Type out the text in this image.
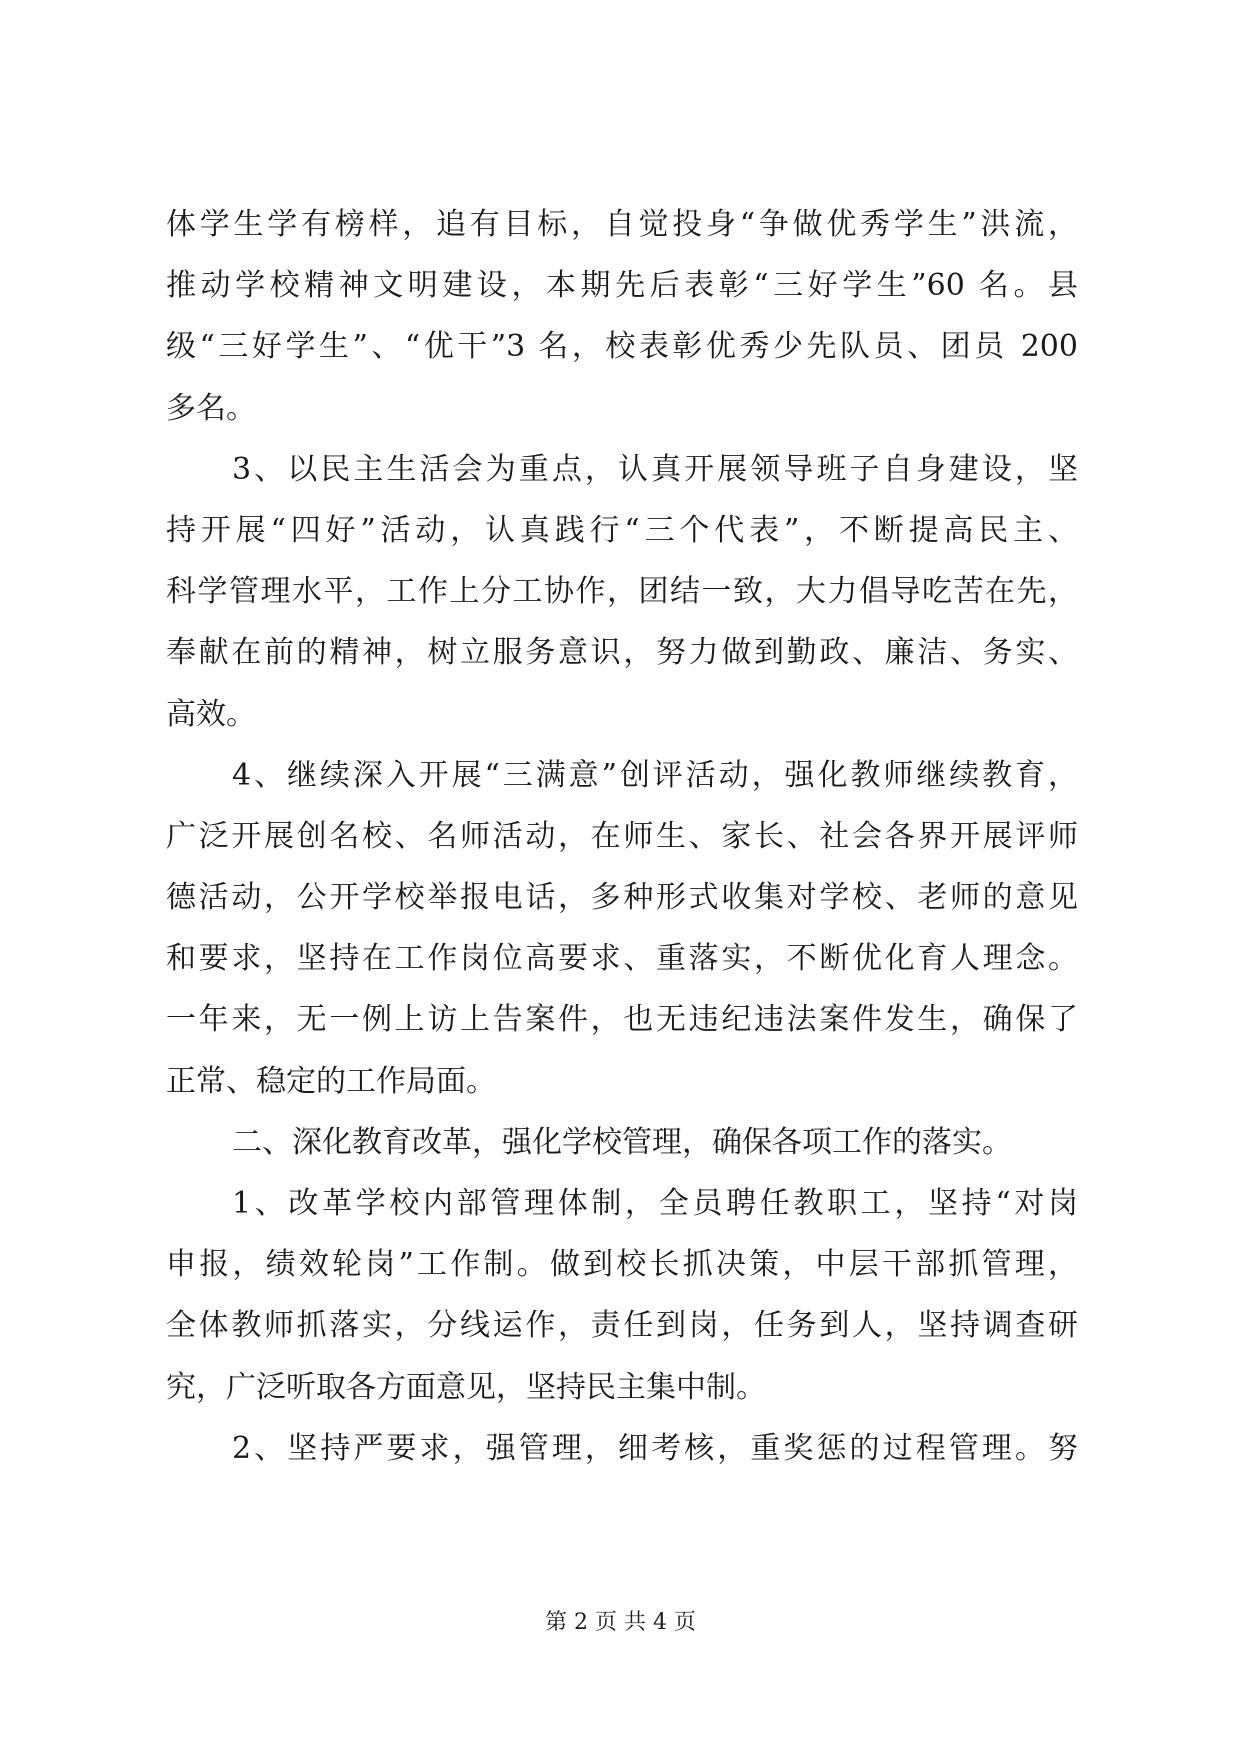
体学生学有榜样，追有目标，自觉投身“争做优秀学生”洪流，
推动学校精神文明建设，本期先后表彰“三好学生”60 名。县
级“三好学生”、“优干”3 名，校表彰优秀少先队员、团员 200
多名。
3、以民主生活会为重点，认真开展领导班子自身建设，坚
持开展“四好”活动，认真践行“三个代表”，不断提高民主、
科学管理水平，工作上分工协作，团结一致，大力倡导吃苦在先，
奉献在前的精神，树立服务意识，努力做到勤政、廉洁、务实、
高效。
4、继续深入开展“三满意”创评活动，强化教师继续教育，
广泛开展创名校、名师活动，在师生、家长、社会各界开展评师
德活动，公开学校举报电话，多种形式收集对学校、老师的意见
和要求，坚持在工作岗位高要求、重落实，不断优化育人理念。
一年来，无一例上访上告案件，也无违纪违法案件发生，确保了
正常、稳定的工作局面。
二、深化教育改革，强化学校管理，确保各项工作的落实。
1、改革学校内部管理体制，全员聘任教职工，坚持“对岗
申报，绩效轮岗”工作制。做到校长抓决策，中层干部抓管理，
全体教师抓落实，分线运作，责任到岗，任务到人，坚持调查研
究，广泛听取各方面意见，坚持民主集中制。
2、坚持严要求，强管理，细考核，重奖惩的过程管理。努
第 2 页 共 4 页
